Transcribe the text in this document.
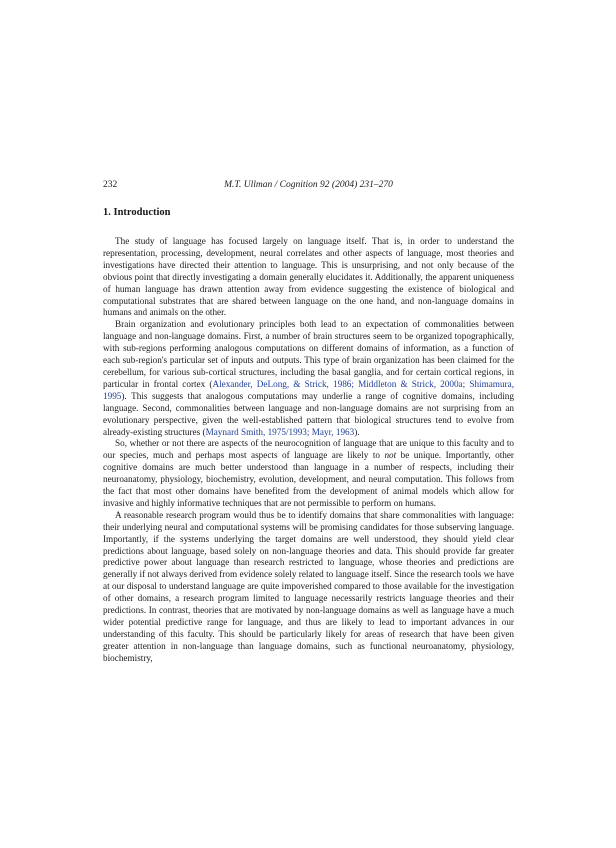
232	M.T. Ullman / Cognition 92 (2004) 231–270
1. Introduction

The study of language has focused largely on language itself. That is, in order to understand the representation, processing, development, neural correlates and other aspects of language, most theories and investigations have directed their attention to language. This is unsurprising, and not only because of the obvious point that directly investigating a domain generally elucidates it. Additionally, the apparent uniqueness of human language has drawn attention away from evidence suggesting the existence of biological and computational substrates that are shared between language on the one hand, and non-language domains in humans and animals on the other.

Brain organization and evolutionary principles both lead to an expectation of commonalities between language and non-language domains. First, a number of brain structures seem to be organized topographically, with sub-regions performing analogous computations on different domains of information, as a function of each sub-region's particular set of inputs and outputs. This type of brain organization has been claimed for the cerebellum, for various sub-cortical structures, including the basal ganglia, and for certain cortical regions, in particular in frontal cortex (Alexander, DeLong, & Strick, 1986; Middleton & Strick, 2000a; Shimamura, 1995). This suggests that analogous computations may underlie a range of cognitive domains, including language. Second, commonalities between language and non-language domains are not surprising from an evolutionary perspective, given the well-established pattern that biological structures tend to evolve from already-existing structures (Maynard Smith, 1975/1993; Mayr, 1963).

So, whether or not there are aspects of the neurocognition of language that are unique to this faculty and to our species, much and perhaps most aspects of language are likely to not be unique. Importantly, other cognitive domains are much better understood than language in a number of respects, including their neuroanatomy, physiology, biochemistry, evolution, development, and neural computation. This follows from the fact that most other domains have benefited from the development of animal models which allow for invasive and highly informative techniques that are not permissible to perform on humans.

A reasonable research program would thus be to identify domains that share commonalities with language: their underlying neural and computational systems will be promising candidates for those subserving language. Importantly, if the systems underlying the target domains are well understood, they should yield clear predictions about language, based solely on non-language theories and data. This should provide far greater predictive power about language than research restricted to language, whose theories and predictions are generally if not always derived from evidence solely related to language itself. Since the research tools we have at our disposal to understand language are quite impoverished compared to those available for the investigation of other domains, a research program limited to language necessarily restricts language theories and their predictions. In contrast, theories that are motivated by non-language domains as well as language have a much wider potential predictive range for language, and thus are likely to lead to important advances in our understanding of this faculty. This should be particularly likely for areas of research that have been given greater attention in non-language than language domains, such as functional neuroanatomy, physiology, biochemistry,
